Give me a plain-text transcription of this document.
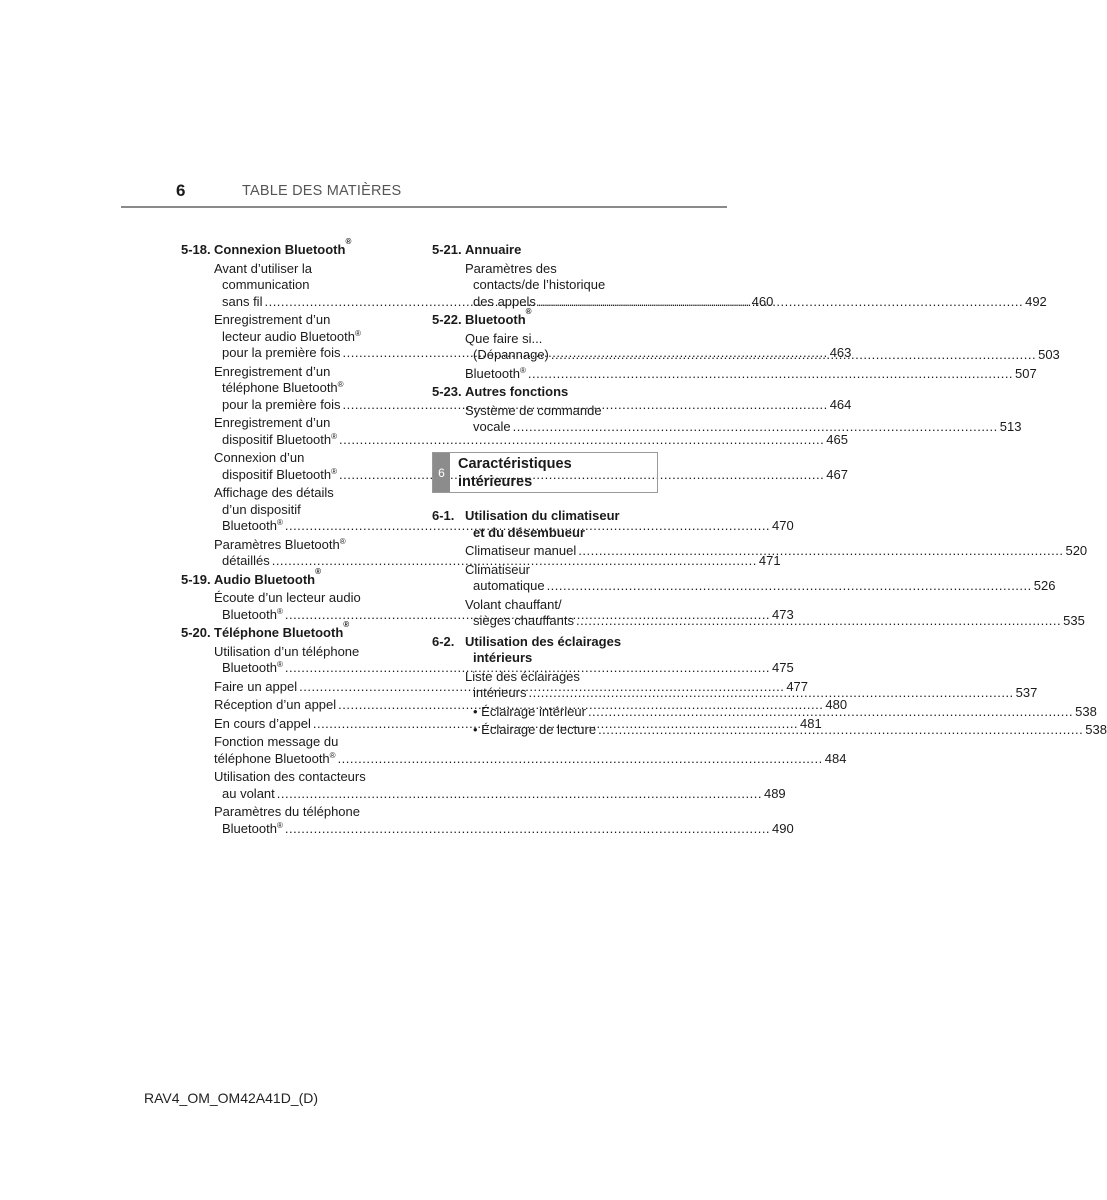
6	TABLE DES MATIÈRES
5-18. Connexion Bluetooth
®
Avant d’utiliser la
communication
sans fil .....	460
Enregistrement d’un
lecteur audio Bluetooth®
pour la première fois .....	463
Enregistrement d’un
téléphone Bluetooth®
pour la première fois .....	464
Enregistrement d’un
dispositif Bluetooth® .....	465
Connexion d’un
dispositif Bluetooth® .....	467
Affichage des détails
d’un dispositif
Bluetooth® .....	470
Paramètres Bluetooth®
détaillés .....	471
5-19. Audio Bluetooth
®
Écoute d’un lecteur audio
Bluetooth® .....	473
5-20. Téléphone Bluetooth
®
Utilisation d’un téléphone
Bluetooth® .....	475
Faire un appel .....	477
Réception d’un appel .....	480
En cours d’appel .....	481
Fonction message du
téléphone Bluetooth® .....	484
Utilisation des contacteurs
au volant .....	489
Paramètres du téléphone
Bluetooth® .....	490
5-21. Annuaire
Paramètres des
contacts/de l’historique
des appels .....	492
5-22. Bluetooth
®
Que faire si...
(Dépannage) .....	503
Bluetooth® .....	507
5-23. Autres fonctions
Système de commande
vocale .....	513
6
Caractéristiques
intérieures
6-1. Utilisation du climatiseur
et du désembueur
Climatiseur manuel .....	520
Climatiseur
automatique .....	526
Volant chauffant/
sièges chauffants .....	535
6-2. Utilisation des éclairages
intérieurs
Liste des éclairages
intérieurs .....	537
• Éclairage intérieur .....	538
• Éclairage de lecture .....	538
RAV4_OM_OM42A41D_(D)
